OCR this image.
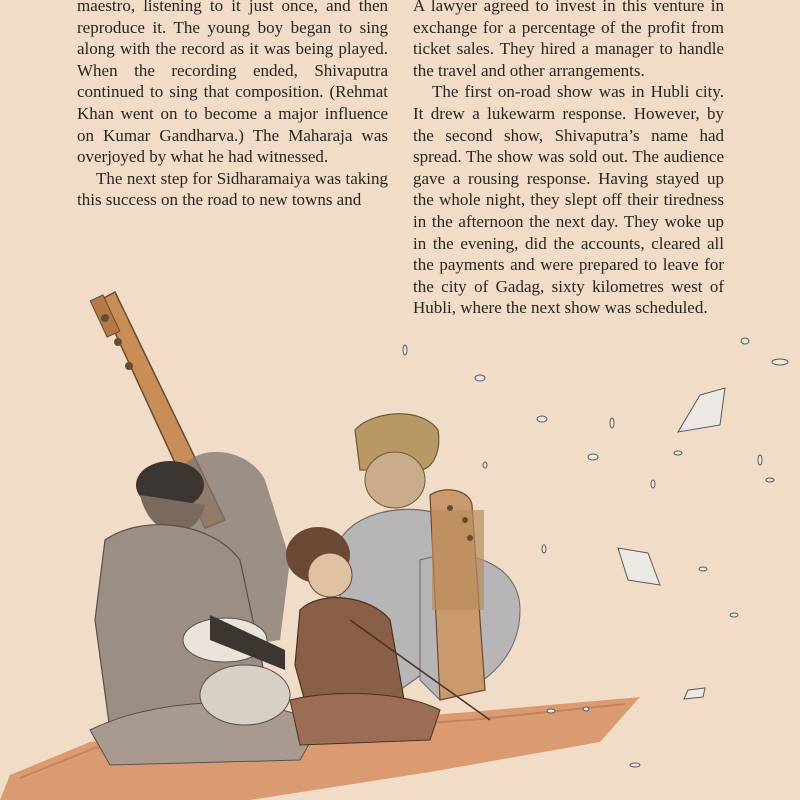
maestro, listening to it just once, and then reproduce it. The young boy began to sing along with the record as it was being played. When the recording ended, Shivaputra continued to sing that composition. (Rehmat Khan went on to become a major influence on Kumar Gandharva.) The Maharaja was overjoyed by what he had witnessed.

The next step for Sidharamaiya was taking this success on the road to new towns and

A lawyer agreed to invest in this venture in exchange for a percentage of the profit from ticket sales. They hired a manager to handle the travel and other arrangements.

The first on-road show was in Hubli city. It drew a lukewarm response. However, by the second show, Shivaputra’s name had spread. The show was sold out. The audience gave a rousing response. Having stayed up the whole night, they slept off their tiredness in the afternoon the next day. They woke up in the evening, did the accounts, cleared all the payments and were prepared to leave for the city of Gadag, sixty kilometres west of Hubli, where the next show was scheduled.
